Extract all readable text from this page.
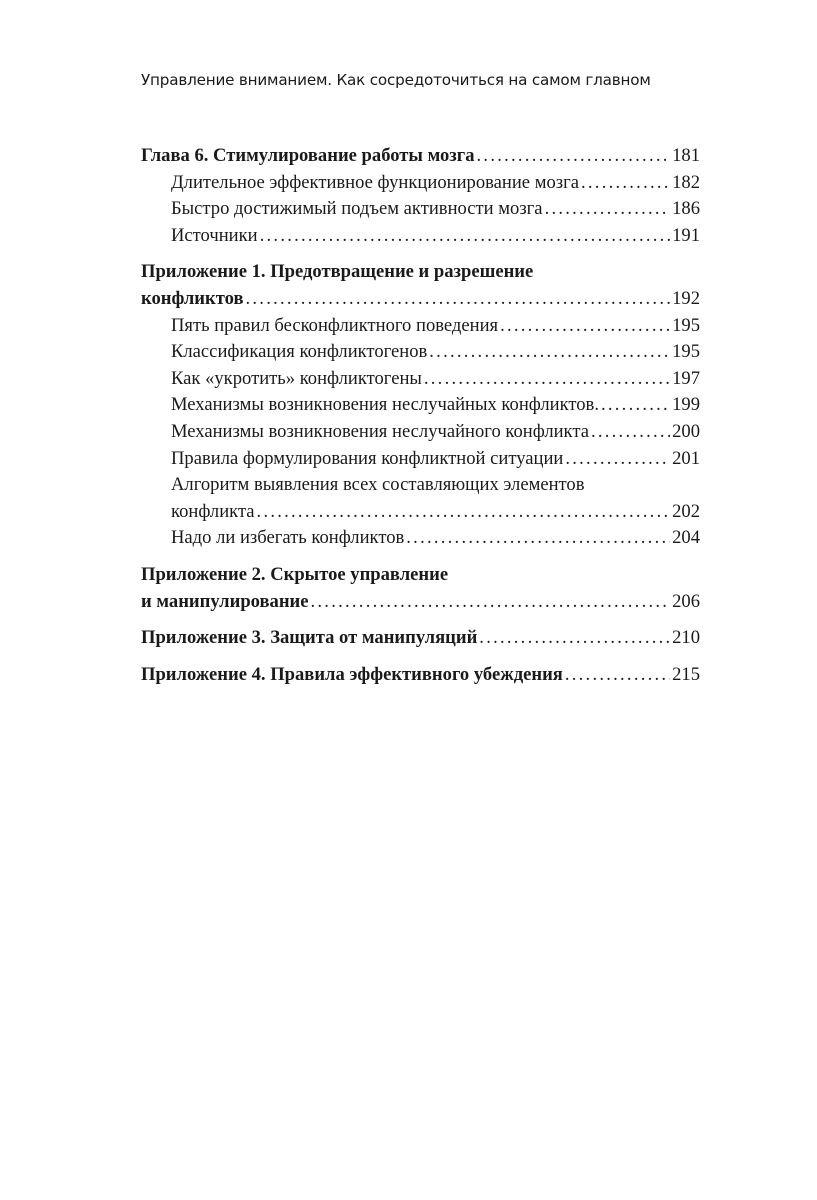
Управление вниманием. Как сосредоточиться на самом главном
Глава 6. Стимулирование работы мозга . . .	181
Длительное эффективное функционирование мозга . . .	182
Быстро достижимый подъем активности мозга . . .	186
Источники . . .	191
Приложение 1. Предотвращение и разрешение
конфликтов . . .	192
Пять правил бесконфликтного поведения . . .	195
Классификация конфликтогенов . . .	195
Как «укротить» конфликтогены . . .	197
Механизмы возникновения неслучайных конфликтов. . . .	199
Механизмы возникновения неслучайного конфликта . . .	200
Правила формулирования конфликтной ситуации . . .	201
Алгоритм выявления всех составляющих элементов
конфликта . . .	202
Надо ли избегать конфликтов . . .	204
Приложение 2. Скрытое управление
и манипулирование . . .	206
Приложение 3. Защита от манипуляций . . .	210
Приложение 4. Правила эффективного убеждения . . .	215
